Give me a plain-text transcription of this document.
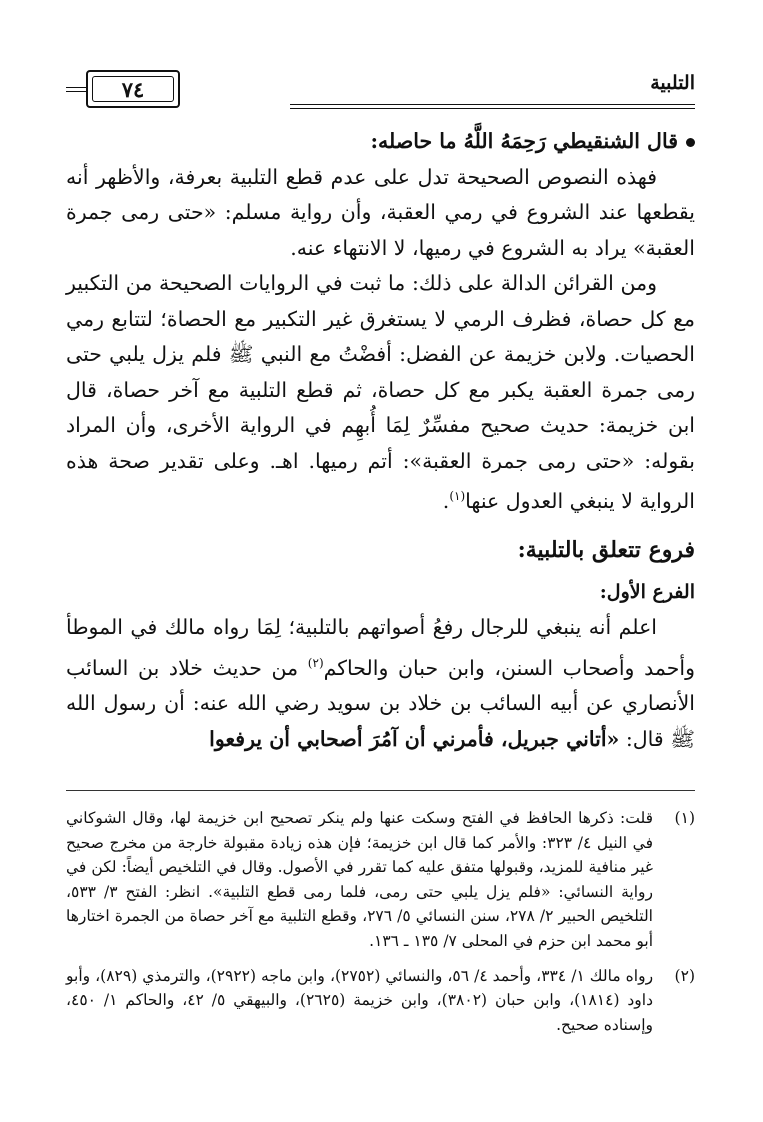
التلبية
٧٤

قال الشنقيطي رَحِمَهُ اللَّهُ ما حاصله:

فهذه النصوص الصحيحة تدل على عدم قطع التلبية بعرفة، والأظهر أنه يقطعها عند الشروع في رمي العقبة، وأن رواية مسلم: «حتى رمى جمرة العقبة» يراد به الشروع في رميها، لا الانتهاء عنه.

ومن القرائن الدالة على ذلك: ما ثبت في الروايات الصحيحة من التكبير مع كل حصاة، فظرف الرمي لا يستغرق غير التكبير مع الحصاة؛ لتتابع رمي الحصيات. ولابن خزيمة عن الفضل: أفضْتُ مع النبي ﷺ فلم يزل يلبي حتى رمى جمرة العقبة يكبر مع كل حصاة، ثم قطع التلبية مع آخر حصاة، قال ابن خزيمة: حديث صحيح مفسِّرٌ لِمَا أُبهِم في الرواية الأخرى، وأن المراد بقوله: «حتى رمى جمرة العقبة»: أتم رميها. اهـ. وعلى تقدير صحة هذه الرواية لا ينبغي العدول عنها$^{(١)}$.

فروع تتعلق بالتلبية:

الفرع الأول:

اعلم أنه ينبغي للرجال رفعُ أصواتهم بالتلبية؛ لِمَا رواه مالك في الموطأ وأحمد وأصحاب السنن، وابن حبان والحاكم$^{(٢)}$ من حديث خلاد بن السائب الأنصاري عن أبيه السائب بن خلاد بن سويد رضي الله عنه: أن رسول الله ﷺ قال: «أتاني جبريل، فأمرني أن آمُرَ أصحابي أن يرفعوا

(١)
قلت: ذكرها الحافظ في الفتح وسكت عنها ولم ينكر تصحيح ابن خزيمة لها، وقال الشوكاني في النيل ٤/ ٣٢٣: والأمر كما قال ابن خزيمة؛ فإن هذه زيادة مقبولة خارجة من مخرج صحيح غير منافية للمزيد، وقبولها متفق عليه كما تقرر في الأصول. وقال في التلخيص أيضاً: لكن في رواية النسائي: «فلم يزل يلبي حتى رمى، فلما رمى قطع التلبية». انظر: الفتح ٣/ ٥٣٣، التلخيص الحبير ٢/ ٢٧٨، سنن النسائي ٥/ ٢٧٦، وقطع التلبية مع آخر حصاة من الجمرة اختارها أبو محمد ابن حزم في المحلى ٧/ ١٣٥ ـ ١٣٦.

(٢)
رواه مالك ١/ ٣٣٤، وأحمد ٤/ ٥٦، والنسائي (٢٧٥٢)، وابن ماجه (٢٩٢٢)، والترمذي (٨٢٩)، وأبو داود (١٨١٤)، وابن حبان (٣٨٠٢)، وابن خزيمة (٢٦٢٥)، والبيهقي ٥/ ٤٢، والحاكم ١/ ٤٥٠، وإسناده صحيح.
